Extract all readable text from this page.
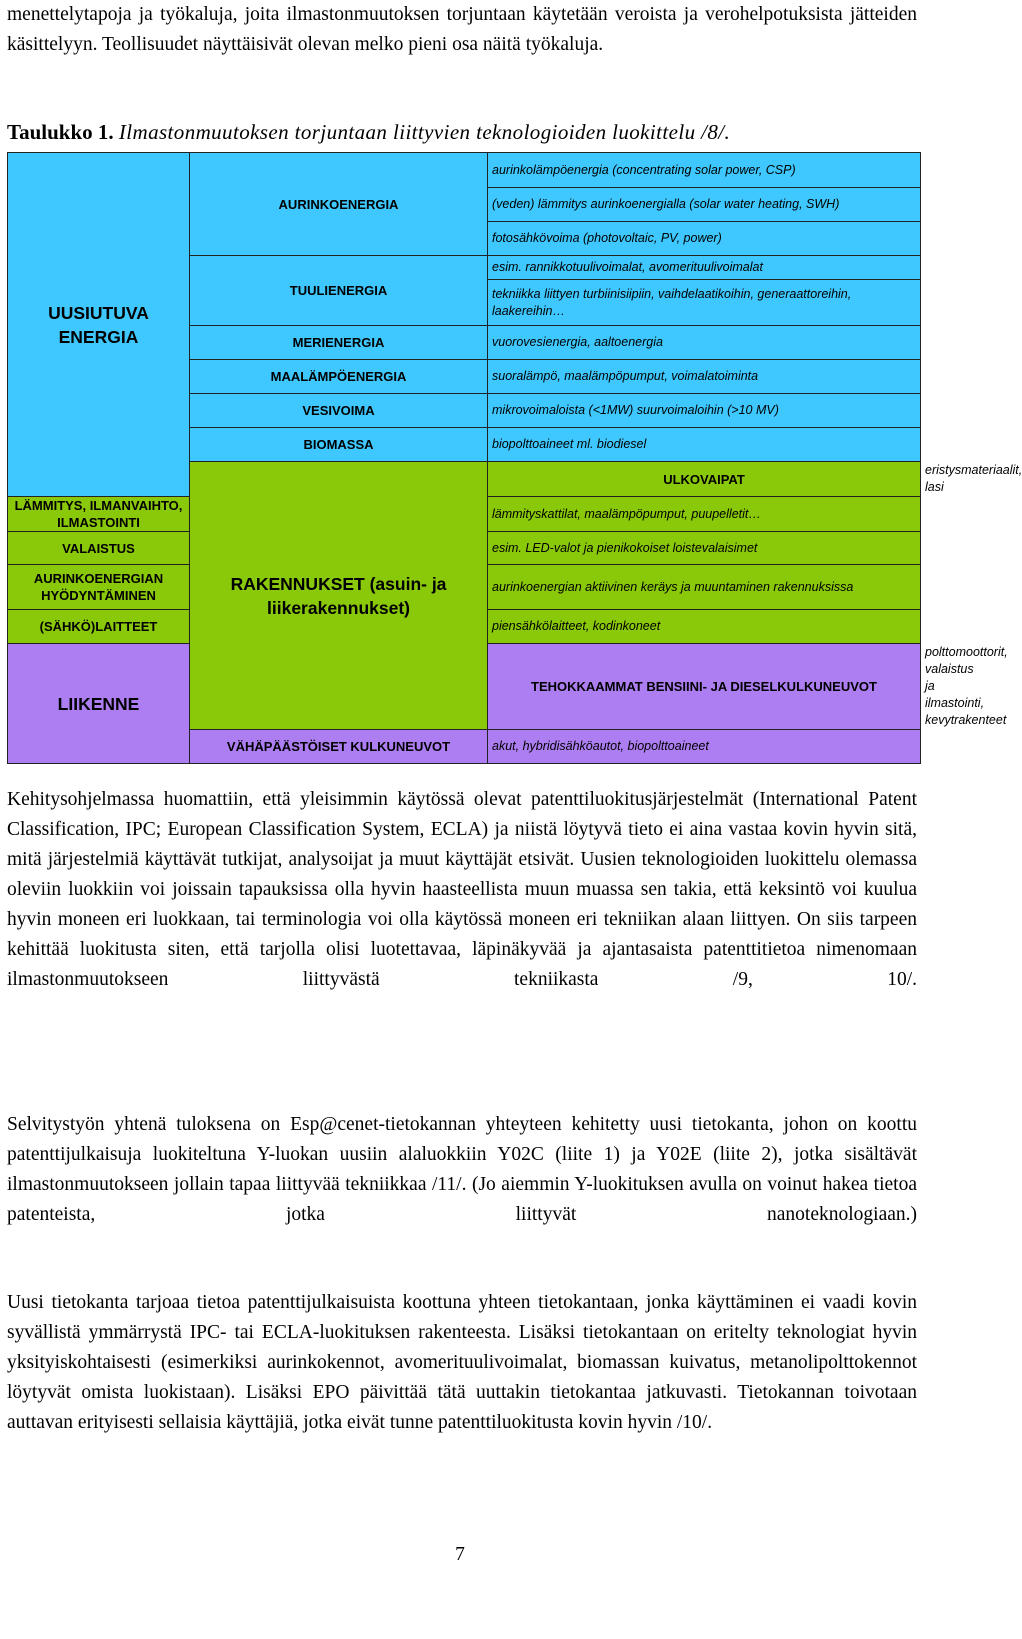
menettelytapoja ja työkaluja, joita ilmastonmuutoksen torjuntaan käytetään veroista ja verohelpotuksista jätteiden käsittelyyn. Teollisuudet näyttäisivät olevan melko pieni osa näitä työkaluja.

Taulukko 1. Ilmastonmuutoksen torjuntaan liittyvien teknologioiden luokittelu /8/.

UUSIUTUVA ENERGIA	AURINKOENERGIA	aurinkolämpöenergia (concentrating solar power, CSP)	
		(veden) lämmitys aurinkoenergialla (solar water heating, SWH)	
		fotosähkövoima (photovoltaic, PV, power)	
	TUULIENERGIA	esim. rannikkotuulivoimalat, avomerituulivoimalat	
		tekniikka liittyen turbiinisiipiin, vaihdelaatikoihin, generaattoreihin, laakereihin…	
	MERIENERGIA	vuorovesienergia, aaltoenergia	
	MAALÄMPÖENERGIA	suoralämpö, maalämpöpumput, voimalatoiminta	
	VESIVOIMA	mikrovoimaloista (<1MW) suurvoimaloihin (>10 MV)	
	BIOMASSA	biopolttoaineet ml. biodiesel	
	RAKENNUKSET (asuin- ja liikerakennukset)	ULKOVAIPAT	eristysmateriaalit, lasi
LÄMMITYS, ILMANVAIHTO, ILMASTOINTI		lämmityskattilat, maalämpöpumput, puupelletit…	
VALAISTUS		esim. LED-valot ja pienikokoiset loistevalaisimet	
AURINKOENERGIAN HYÖDYNTÄMINEN		aurinkoenergian aktiivinen keräys ja muuntaminen rakennuksissa	
(SÄHKÖ)LAITTEET		piensähkölaitteet, kodinkoneet	
LIIKENNE		TEHOKKAAMMAT BENSIINI- JA DIESELKULKUNEUVOT	polttomoottorit, valaistus ja ilmastointi, kevytrakenteet
	VÄHÄPÄÄSTÖISET KULKUNEUVOT	akut, hybridisähköautot, biopolttoaineet	

Kehitysohjelmassa huomattiin, että yleisimmin käytössä olevat patenttiluokitusjärjestelmät (International Patent Classification, IPC; European Classification System, ECLA) ja niistä löytyvä tieto ei aina vastaa kovin hyvin sitä, mitä järjestelmiä käyttävät tutkijat, analysoijat ja muut käyttäjät etsivät. Uusien teknologioiden luokittelu olemassa oleviin luokkiin voi joissain tapauksissa olla hyvin haasteellista muun muassa sen takia, että keksintö voi kuulua hyvin moneen eri luokkaan, tai terminologia voi olla käytössä moneen eri tekniikan alaan liittyen. On siis tarpeen kehittää luokitusta siten, että tarjolla olisi luotettavaa, läpinäkyvää ja ajantasaista patenttitietoa nimenomaan ilmastonmuutokseen liittyvästä tekniikasta /9, 10/.

Selvitystyön yhtenä tuloksena on Esp@cenet-tietokannan yhteyteen kehitetty uusi tietokanta, johon on koottu patenttijulkaisuja luokiteltuna Y-luokan uusiin alaluokkiin Y02C (liite 1) ja Y02E (liite 2), jotka sisältävät ilmastonmuutokseen jollain tapaa liittyvää tekniikkaa /11/. (Jo aiemmin Y-luokituksen avulla on voinut hakea tietoa patenteista, jotka liittyvät nanoteknologiaan.)

Uusi tietokanta tarjoaa tietoa patenttijulkaisuista koottuna yhteen tietokantaan, jonka käyttäminen ei vaadi kovin syvällistä ymmärrystä IPC- tai ECLA-luokituksen rakenteesta. Lisäksi tietokantaan on eritelty teknologiat hyvin yksityiskohtaisesti (esimerkiksi aurinkokennot, avomerituulivoimalat, biomassan kuivatus, metanolipolttokennot löytyvät omista luokistaan). Lisäksi EPO päivittää tätä uuttakin tietokantaa jatkuvasti. Tietokannan toivotaan auttavan erityisesti sellaisia käyttäjiä, jotka eivät tunne patenttiluokitusta kovin hyvin /10/.

7
